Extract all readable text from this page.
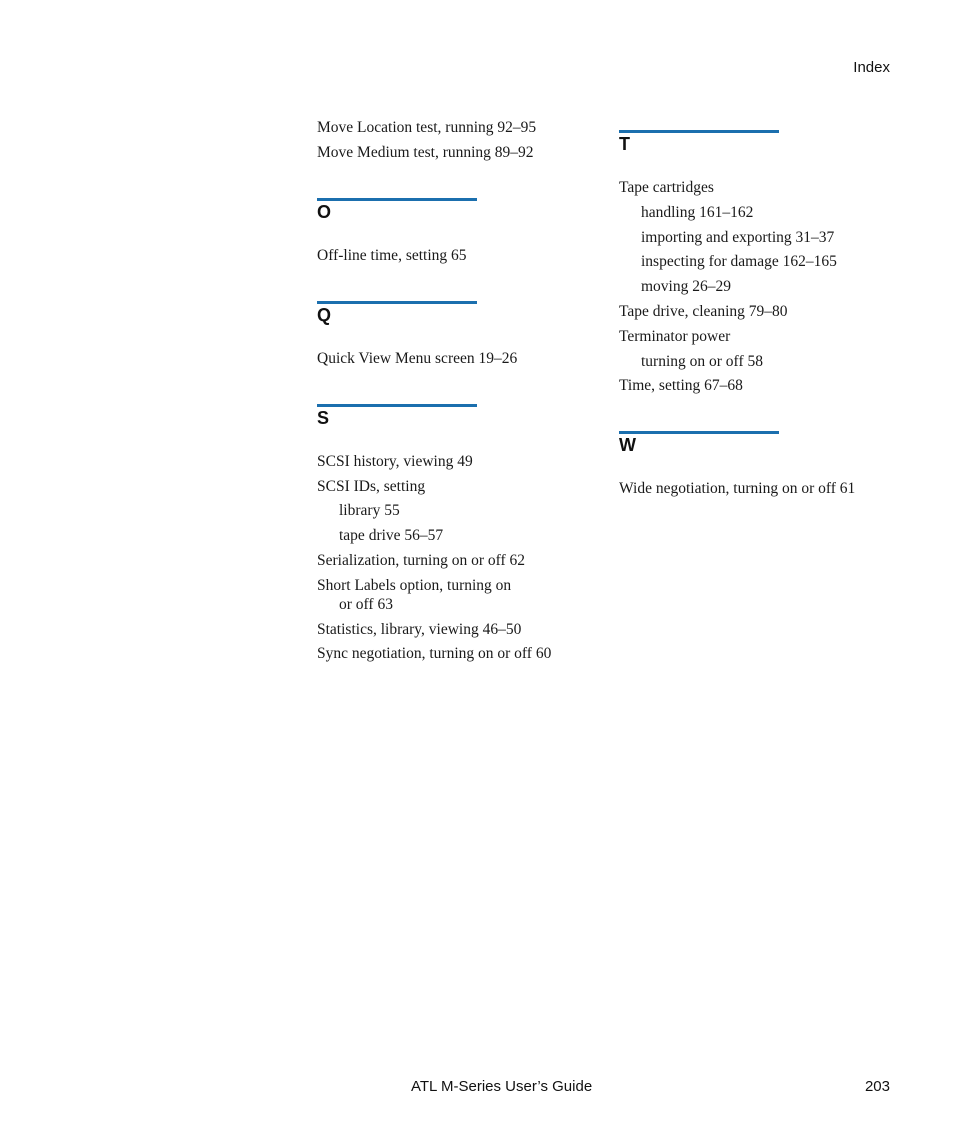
Index
Move Location test, running 92–95
Move Medium test, running 89–92
O
Off-line time, setting 65
Q
Quick View Menu screen 19–26
S
SCSI history, viewing 49
SCSI IDs, setting
library 55
tape drive 56–57
Serialization, turning on or off 62
Short Labels option, turning on
or off 63
Statistics, library, viewing 46–50
Sync negotiation, turning on or off 60
T
Tape cartridges
handling 161–162
importing and exporting 31–37
inspecting for damage 162–165
moving 26–29
Tape drive, cleaning 79–80
Terminator power
turning on or off 58
Time, setting 67–68
W
Wide negotiation, turning on or off 61
ATL M-Series User’s Guide	203
